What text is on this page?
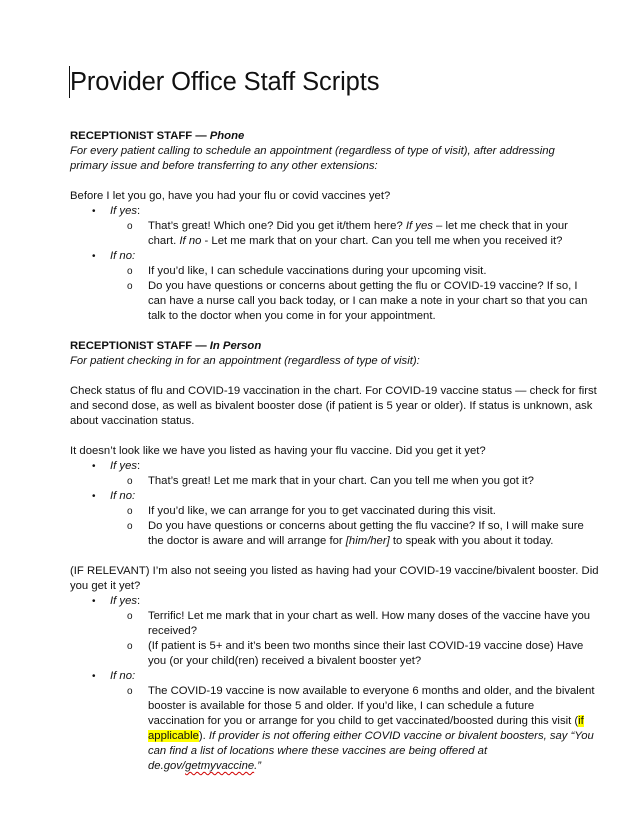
Provider Office Staff Scripts

RECEPTIONIST STAFF — Phone

For every patient calling to schedule an appointment (regardless of type of visit), after addressing

primary issue and before transferring to any other extensions:

Before I let you go, have you had your flu or covid vaccines yet?

• If yes:

o That’s great! Which one? Did you get it/them here? If yes – let me check that in your

chart. If no - Let me mark that on your chart. Can you tell me when you received it?

• If no:

o If you’d like, I can schedule vaccinations during your upcoming visit.

o Do you have questions or concerns about getting the flu or COVID-19 vaccine? If so, I

can have a nurse call you back today, or I can make a note in your chart so that you can

talk to the doctor when you come in for your appointment.

RECEPTIONIST STAFF — In Person

For patient checking in for an appointment (regardless of type of visit):

Check status of flu and COVID-19 vaccination in the chart. For COVID-19 vaccine status — check for first

and second dose, as well as bivalent booster dose (if patient is 5 year or older). If status is unknown, ask

about vaccination status.

It doesn’t look like we have you listed as having your flu vaccine. Did you get it yet?

• If yes:

o That’s great! Let me mark that in your chart. Can you tell me when you got it?

• If no:

o If you’d like, we can arrange for you to get vaccinated during this visit.

o Do you have questions or concerns about getting the flu vaccine? If so, I will make sure

the doctor is aware and will arrange for [him/her] to speak with you about it today.

(IF RELEVANT) I’m also not seeing you listed as having had your COVID-19 vaccine/bivalent booster. Did

you get it yet?

• If yes:

o Terrific! Let me mark that in your chart as well. How many doses of the vaccine have you

received?

o (If patient is 5+ and it’s been two months since their last COVID-19 vaccine dose) Have

you (or your child(ren) received a bivalent booster yet?

• If no:

o The COVID-19 vaccine is now available to everyone 6 months and older, and the bivalent

booster is available for those 5 and older. If you’d like, I can schedule a future

vaccination for you or arrange for you child to get vaccinated/boosted during this visit (if

applicable). If provider is not offering either COVID vaccine or bivalent boosters, say “You

can find a list of locations where these vaccines are being offered at

de.gov/getmyvaccine.”
